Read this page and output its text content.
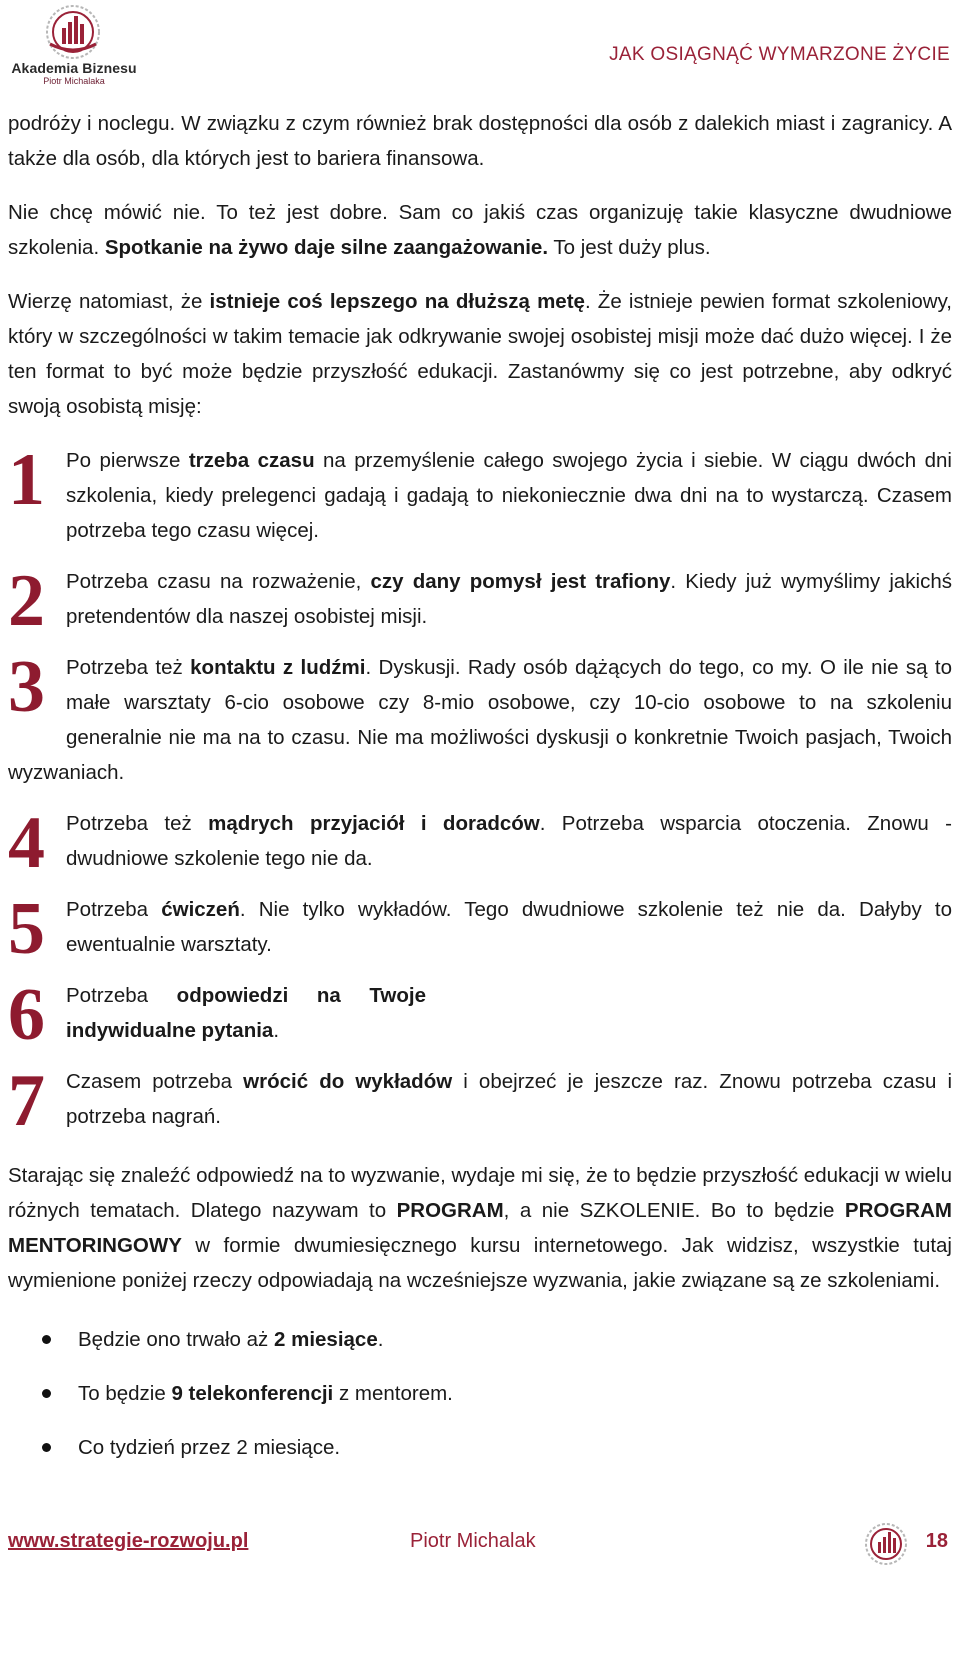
Akademia Biznesu
Piotr Michalaka
JAK OSIĄGNĄĆ WYMARZONE ŻYCIE

podróży i noclegu. W związku z czym również brak dostępności dla osób z dalekich miast i zagranicy. A także dla osób, dla których jest to bariera finansowa.

Nie chcę mówić nie. To też jest dobre. Sam co jakiś czas organizuję takie klasyczne dwudniowe szkolenia. Spotkanie na żywo daje silne zaangażowanie. To jest duży plus.

Wierzę natomiast, że istnieje coś lepszego na dłuższą metę. Że istnieje pewien format szkoleniowy, który w szczególności w takim temacie jak odkrywanie swojej osobistej misji może dać dużo więcej. I że ten format to być może będzie przyszłość edukacji. Zastanówmy się co jest potrzebne, aby odkryć swoją osobistą misję:

1	Po pierwsze trzeba czasu na przemyślenie całego swojego życia i siebie. W ciągu dwóch dni szkolenia, kiedy prelegenci gadają i gadają to niekoniecznie dwa dni na to wystarczą. Czasem potrzeba tego czasu więcej.
2	Potrzeba czasu na rozważenie, czy dany pomysł jest trafiony. Kiedy już wymyślimy jakichś pretendentów dla naszej osobistej misji.
3	Potrzeba też kontaktu z ludźmi. Dyskusji. Rady osób dążących do tego, co my. O ile nie są to małe warsztaty 6-cio osobowe czy 8-mio osobowe, czy 10-cio osobowe to na szkoleniu generalnie nie ma na to czasu. Nie ma możliwości dyskusji o konkretnie Twoich pasjach, Twoich wyzwaniach.
4	Potrzeba też mądrych przyjaciół i doradców. Potrzeba wsparcia otoczenia. Znowu - dwudniowe szkolenie tego nie da.
5	Potrzeba ćwiczeń. Nie tylko wykładów. Tego dwudniowe szkolenie też nie da. Dałyby to ewentualnie warsztaty.
6	Potrzeba odpowiedzi na Twoje indywidualne pytania.
7	Czasem potrzeba wrócić do wykładów i obejrzeć je jeszcze raz. Znowu potrzeba czasu i potrzeba nagrań.

Starając się znaleźć odpowiedź na to wyzwanie, wydaje mi się, że to będzie przyszłość edukacji w wielu różnych tematach. Dlatego nazywam to PROGRAM, a nie SZKOLENIE. Bo to będzie PROGRAM MENTORINGOWY w formie dwumiesięcznego kursu internetowego. Jak widzisz, wszystkie tutaj wymienione poniżej rzeczy odpowiadają na wcześniejsze wyzwania, jakie związane są ze szkoleniami.

Będzie ono trwało aż 2 miesiące.
To będzie 9 telekonferencji z mentorem.
Co tydzień przez 2 miesiące.
www.strategie-rozwoju.pl	Piotr Michalak	18
